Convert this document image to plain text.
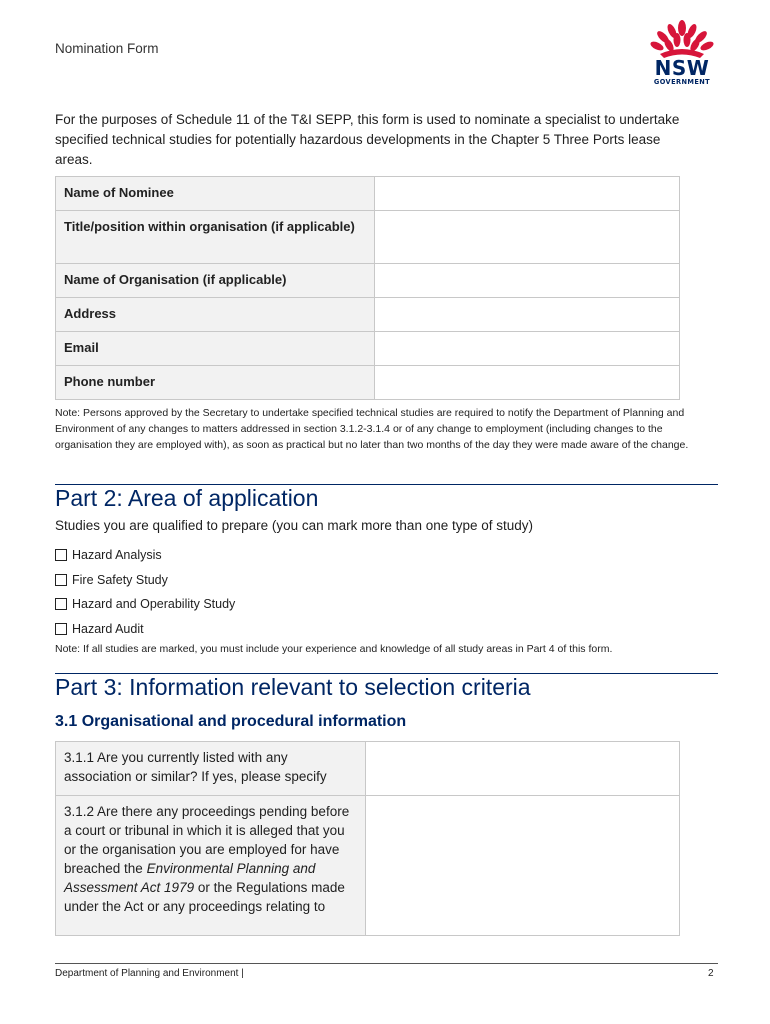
Nomination Form
NSW
GOVERNMENT
For the purposes of Schedule 11 of the T&I SEPP, this form is used to nominate a specialist to undertake specified technical studies for potentially hazardous developments in the Chapter 5 Three Ports lease areas.
Name of Nominee	
Title/position within organisation (if applicable)	
Name of Organisation (if applicable)	
Address	
Email	
Phone number	
Note: Persons approved by the Secretary to undertake specified technical studies are required to notify the Department of Planning and Environment of any changes to matters addressed in section 3.1.2-3.1.4 or of any change to employment (including changes to the organisation they are employed with), as soon as practical but no later than two months of the day they were made aware of the change.
Part 2: Area of application
Studies you are qualified to prepare (you can mark more than one type of study)
Hazard Analysis
Fire Safety Study
Hazard and Operability Study
Hazard Audit
Note: If all studies are marked, you must include your experience and knowledge of all study areas in Part 4 of this form.
Part 3: Information relevant to selection criteria
3.1 Organisational and procedural information
3.1.1 Are you currently listed with any association or similar? If yes, please specify	
3.1.2 Are there any proceedings pending before a court or tribunal in which it is alleged that you or the organisation you are employed for have breached the Environmental Planning and Assessment Act 1979 or the Regulations made under the Act or any proceedings relating to	
Department of Planning and Environment |	2
